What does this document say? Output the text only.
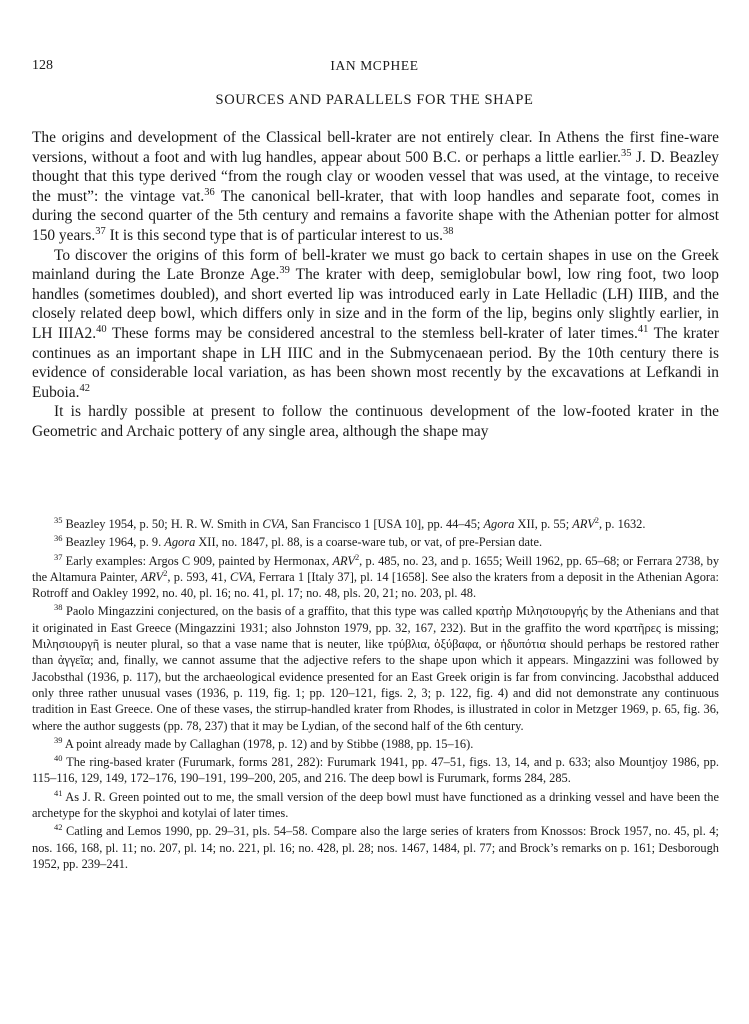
128	IAN MCPHEE
SOURCES AND PARALLELS FOR THE SHAPE

The origins and development of the Classical bell-krater are not entirely clear. In Athens the first fine-ware versions, without a foot and with lug handles, appear about 500 B.C. or perhaps a little earlier.$^{35}$ J. D. Beazley thought that this type derived “from the rough clay or wooden vessel that was used, at the vintage, to receive the must”: the vintage vat.$^{36}$ The canonical bell-krater, that with loop handles and separate foot, comes in during the second quarter of the 5th century and remains a favorite shape with the Athenian potter for almost 150 years.$^{37}$ It is this second type that is of particular interest to us.$^{38}$

To discover the origins of this form of bell-krater we must go back to certain shapes in use on the Greek mainland during the Late Bronze Age.$^{39}$ The krater with deep, semiglobular bowl, low ring foot, two loop handles (sometimes doubled), and short everted lip was introduced early in Late Helladic (LH) IIIB, and the closely related deep bowl, which differs only in size and in the form of the lip, begins only slightly earlier, in LH IIIA2.40 These forms may be considered ancestral to the stemless bell-krater of later times.$^{41}$ The krater continues as an important shape in LH IIIC and in the Submycenaean period. By the 10th century there is evidence of considerable local variation, as has been shown most recently by the excavations at Lefkandi in Euboia.$^{42}$

It is hardly possible at present to follow the continuous development of the low-footed krater in the Geometric and Archaic pottery of any single area, although the shape may

$^{35}$ Beazley 1954, p. 50; H. R. W. Smith in CVA, San Francisco 1 [USA 10], pp. 44–45; Agora XII, p. 55; ARV$^2$, p. 1632.

$^{36}$ Beazley 1964, p. 9. Agora XII, no. 1847, pl. 88, is a coarse-ware tub, or vat, of pre-Persian date.

$^{37}$ Early examples: Argos C 909, painted by Hermonax, ARV$^2$, p. 485, no. 23, and p. 1655; Weill 1962, pp. 65–68; or Ferrara 2738, by the Altamura Painter, ARV$^2$, p. 593, 41, CVA, Ferrara 1 [Italy 37], pl. 14 [1658]. See also the kraters from a deposit in the Athenian Agora: Rotroff and Oakley 1992, no. 40, pl. 16; no. 41, pl. 17; no. 48, pls. 20, 21; no. 203, pl. 48.

$^{38}$ Paolo Mingazzini conjectured, on the basis of a graffito, that this type was called κρατὴρ Μιλησιουργής by the Athenians and that it originated in East Greece (Mingazzini 1931; also Johnston 1979, pp. 32, 167, 232). But in the graffito the word κρατῆρες is missing; Μιλησιουργῆ is neuter plural, so that a vase name that is neuter, like τρύβλια, ὀξύβαφα, or ἡδυπότια should perhaps be restored rather than ἀγγεῖα; and, finally, we cannot assume that the adjective refers to the shape upon which it appears. Mingazzini was followed by Jacobsthal (1936, p. 117), but the archaeological evidence presented for an East Greek origin is far from convincing. Jacobsthal adduced only three rather unusual vases (1936, p. 119, fig. 1; pp. 120–121, figs. 2, 3; p. 122, fig. 4) and did not demonstrate any continuous tradition in East Greece. One of these vases, the stirrup-handled krater from Rhodes, is illustrated in color in Metzger 1969, p. 65, fig. 36, where the author suggests (pp. 78, 237) that it may be Lydian, of the second half of the 6th century.

$^{39}$ A point already made by Callaghan (1978, p. 12) and by Stibbe (1988, pp. 15–16).

$^{40}$ The ring-based krater (Furumark, forms 281, 282): Furumark 1941, pp. 47–51, figs. 13, 14, and p. 633; also Mountjoy 1986, pp. 115–116, 129, 149, 172–176, 190–191, 199–200, 205, and 216. The deep bowl is Furumark, forms 284, 285.

$^{41}$ As J. R. Green pointed out to me, the small version of the deep bowl must have functioned as a drinking vessel and have been the archetype for the skyphoi and kotylai of later times.

$^{42}$ Catling and Lemos 1990, pp. 29–31, pls. 54–58. Compare also the large series of kraters from Knossos: Brock 1957, no. 45, pl. 4; nos. 166, 168, pl. 11; no. 207, pl. 14; no. 221, pl. 16; no. 428, pl. 28; nos. 1467, 1484, pl. 77; and Brock’s remarks on p. 161; Desborough 1952, pp. 239–241.
